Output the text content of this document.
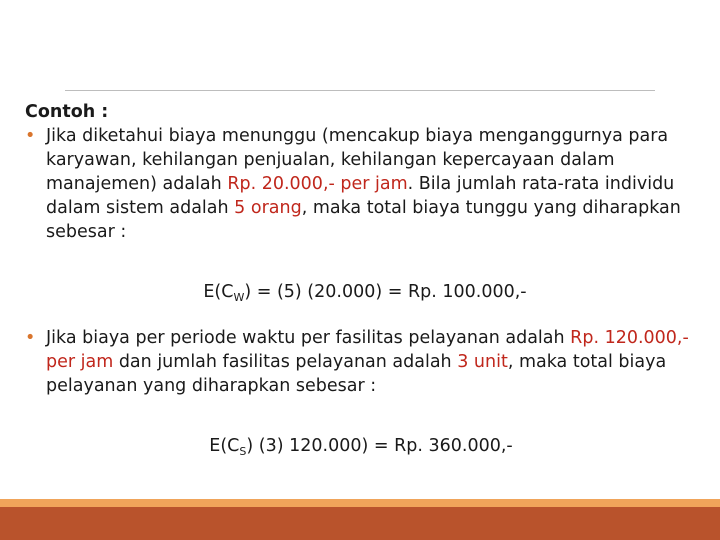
Contoh :

• Jika diketahui biaya menunggu (mencakup biaya menganggurnya para karyawan, kehilangan penjualan, kehilangan kepercayaan dalam manajemen) adalah Rp. 20.000,- per jam. Bila jumlah rata-rata individu dalam sistem adalah 5 orang, maka total biaya tunggu yang diharapkan sebesar :

$E(C_W) = (5) (20.000) = Rp$. 100.000,-

• Jika biaya per periode waktu per fasilitas pelayanan adalah Rp. 120.000,- per jam dan jumlah fasilitas pelayanan adalah 3 unit, maka total biaya pelayanan yang diharapkan sebesar :

$E(C_S)$ (3) 120.000) = Rp. 360.000,-
